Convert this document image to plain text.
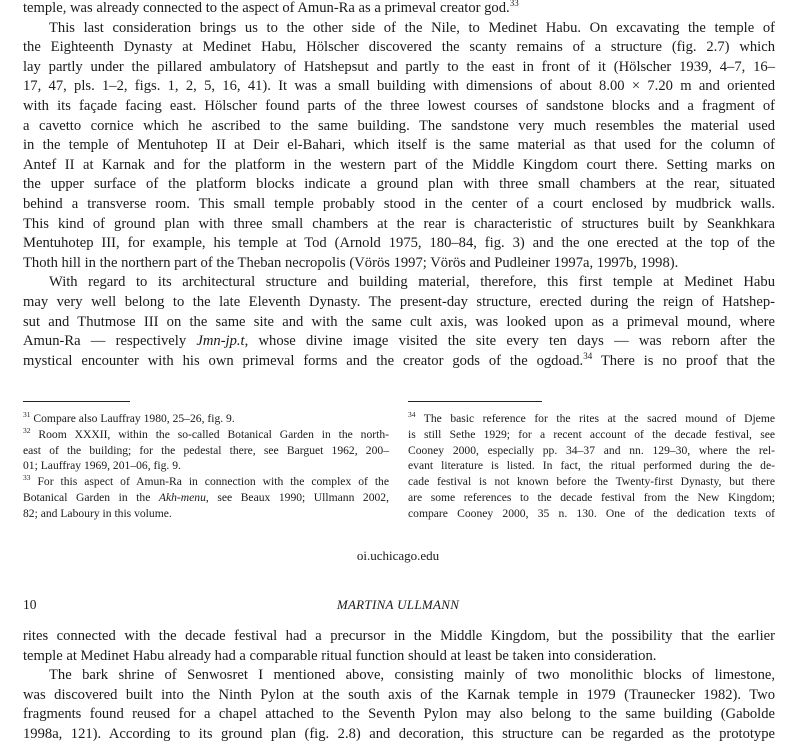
temple, was already connected to the aspect of Amun-Ra as a primeval creator god.$^{33}$

This last consideration brings us to the other side of the Nile, to Medinet Habu. On excavating the temple of
the Eighteenth Dynasty at Medinet Habu, Hölscher discovered the scanty remains of a structure (fig. 2.7) which
lay partly under the pillared ambulatory of Hatshepsut and partly to the east in front of it (Hölscher 1939, 4–7, 16–
17, 47, pls. 1–2, figs. 1, 2, 5, 16, 41). It was a small building with dimensions of about 8.00 × 7.20 m and oriented
with its façade facing east. Hölscher found parts of the three lowest courses of sandstone blocks and a fragment of
a cavetto cornice which he ascribed to the same building. The sandstone very much resembles the material used
in the temple of Mentuhotep II at Deir el-Bahari, which itself is the same material as that used for the column of
Antef II at Karnak and for the platform in the western part of the Middle Kingdom court there. Setting marks on
the upper surface of the platform blocks indicate a ground plan with three small chambers at the rear, situated
behind a transverse room. This small temple probably stood in the center of a court enclosed by mudbrick walls.
This kind of ground plan with three small chambers at the rear is characteristic of structures built by Seankhkara
Mentuhotep III, for example, his temple at Tod (Arnold 1975, 180–84, fig. 3) and the one erected at the top of the
Thoth hill in the northern part of the Theban necropolis (Vörös 1997; Vörös and Pudleiner 1997a, 1997b, 1998).

With regard to its architectural structure and building material, therefore, this first temple at Medinet Habu
may very well belong to the late Eleventh Dynasty. The present-day structure, erected during the reign of Hatshep-
sut and Thutmose III on the same site and with the same cult axis, was looked upon as a primeval mound, where
Amun-Ra — respectively Jmn-jp.t, whose divine image visited the site every ten days — was reborn after the
mystical encounter with his own primeval forms and the creator gods of the ogdoad.$^{34}$ There is no proof that the

$^{31}$ Compare also Lauffray 1980, 25–26, fig. 9.
$^{32}$ Room XXXII, within the so-called Botanical Garden in the north-
east of the building; for the pedestal there, see Barguet 1962, 200–
01; Lauffray 1969, 201–06, fig. 9.
$^{33}$ For this aspect of Amun-Ra in connection with the complex of the
Botanical Garden in the Akh-menu, see Beaux 1990; Ullmann 2002,
82; and Laboury in this volume.
$^{34}$ The basic reference for the rites at the sacred mound of Djeme
is still Sethe 1929; for a recent account of the decade festival, see
Cooney 2000, especially pp. 34–37 and nn. 129–30, where the rel-
evant literature is listed. In fact, the ritual performed during the de-
cade festival is not known before the Twenty-first Dynasty, but there
are some references to the decade festival from the New Kingdom;
compare Cooney 2000, 35 n. 130. One of the dedication texts of
oi.uchicago.edu
10	MARTINA ULLMANN

rites connected with the decade festival had a precursor in the Middle Kingdom, but the possibility that the earlier
temple at Medinet Habu already had a comparable ritual function should at least be taken into consideration.

The bark shrine of Senwosret I mentioned above, consisting mainly of two monolithic blocks of limestone,
was discovered built into the Ninth Pylon at the south axis of the Karnak temple in 1979 (Traunecker 1982). Two
fragments found reused for a chapel attached to the Seventh Pylon may also belong to the same building (Gabolde
1998a, 121). According to its ground plan (fig. 2.8) and decoration, this structure can be regarded as the prototype
